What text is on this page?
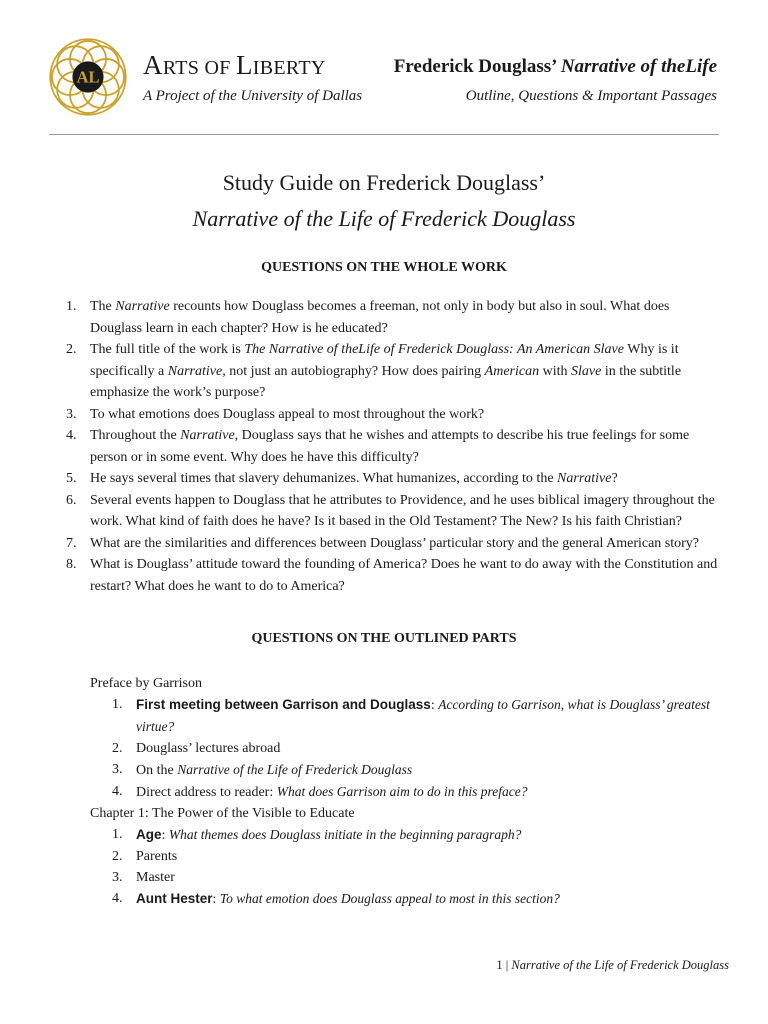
AL ARTS OF LIBERTY
A Project of the University of Dallas
Frederick Douglass’ Narrative of theLife
Outline, Questions & Important Passages
Study Guide on Frederick Douglass’
Narrative of the Life of Frederick Douglass
QUESTIONS ON THE WHOLE WORK
1. The Narrative recounts how Douglass becomes a freeman, not only in body but also in soul. What does Douglass learn in each chapter? How is he educated?
2. The full title of the work is The Narrative of theLife of Frederick Douglass: An American Slave Why is it specifically a Narrative, not just an autobiography? How does pairing American with Slave in the subtitle emphasize the work’s purpose?
3. To what emotions does Douglass appeal to most throughout the work?
4. Throughout the Narrative, Douglass says that he wishes and attempts to describe his true feelings for some person or in some event. Why does he have this difficulty?
5. He says several times that slavery dehumanizes. What humanizes, according to the Narrative?
6. Several events happen to Douglass that he attributes to Providence, and he uses biblical imagery throughout the work. What kind of faith does he have? Is it based in the Old Testament? The New? Is his faith Christian?
7. What are the similarities and differences between Douglass’ particular story and the general American story?
8. What is Douglass’ attitude toward the founding of America? Does he want to do away with the Constitution and restart? What does he want to do to America?
QUESTIONS ON THE OUTLINED PARTS
Preface by Garrison
1. First meeting between Garrison and Douglass: According to Garrison, what is Douglass’ greatest virtue?
2. Douglass’ lectures abroad
3. On the Narrative of the Life of Frederick Douglass
4. Direct address to reader: What does Garrison aim to do in this preface?
Chapter 1: The Power of the Visible to Educate
1. Age: What themes does Douglass initiate in the beginning paragraph?
2. Parents
3. Master
4. Aunt Hester: To what emotion does Douglass appeal to most in this section?
1 | Narrative of the Life of Frederick Douglass
